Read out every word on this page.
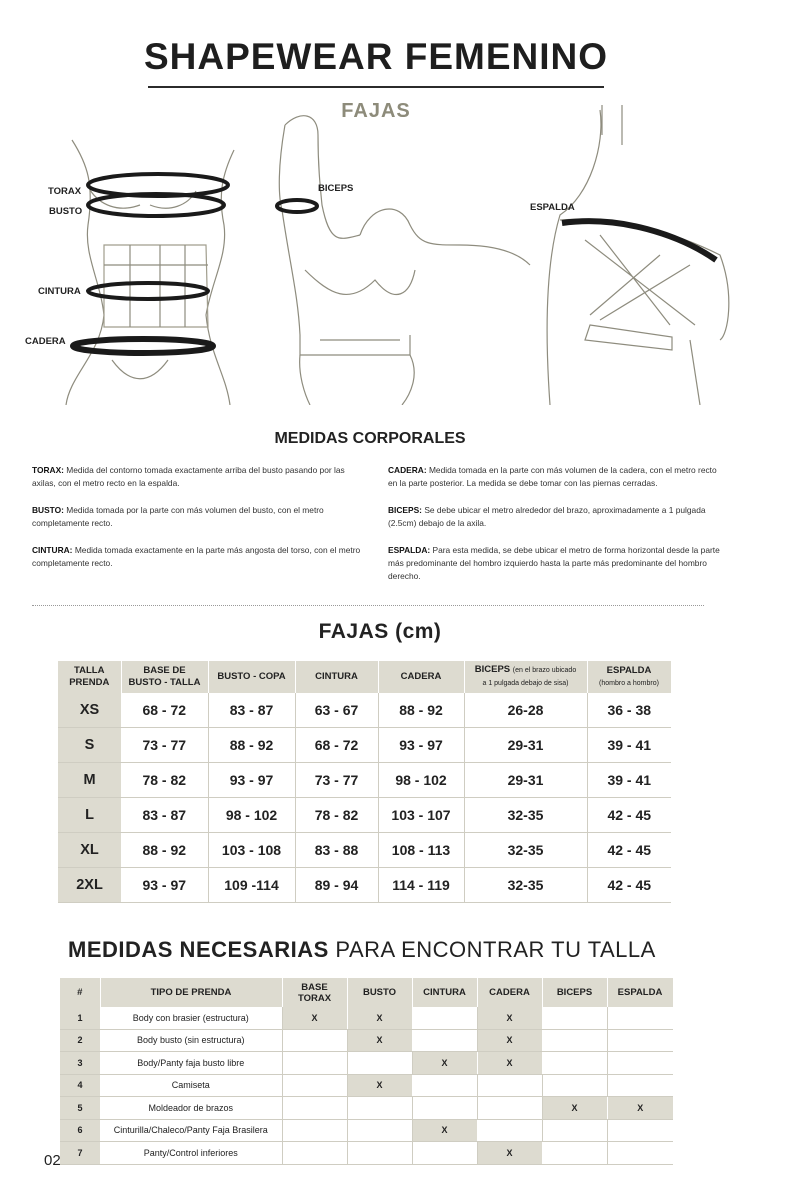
SHAPEWEAR FEMENINO
FAJAS
TORAX
BUSTO
CINTURA
CADERA
BICEPS
ESPALDA
MEDIDAS CORPORALES

TORAX: Medida del contorno tomada exactamente arriba del busto pasando por las axilas, con el metro recto en la espalda.

BUSTO: Medida tomada por la parte con más volumen del busto, con el metro completamente recto.

CINTURA: Medida tomada exactamente en la parte más angosta del torso, con el metro completamente recto.

CADERA: Medida tomada en la parte con más volumen de la cadera, con el metro recto en la parte posterior. La medida se debe tomar con las piernas cerradas.

BICEPS: Se debe ubicar el metro alrededor del brazo, aproximadamente a 1 pulgada (2.5cm) debajo de la axila.

ESPALDA: Para esta medida, se debe ubicar el metro de forma horizontal desde la parte más predominante del hombro izquierdo hasta la parte más predominante del hombro derecho.

FAJAS (cm)
TALLA
PRENDA	BASE DE
BUSTO - TALLA	BUSTO - COPA	CINTURA	CADERA	BICEPS (en el brazo ubicado
a 1 pulgada debajo de sisa)	ESPALDA
(hombro a hombro)
XS	68 - 72	83 - 87	63 - 67	88 - 92	26-28	36 - 38
S	73 - 77	88 - 92	68 - 72	93 - 97	29-31	39 - 41
M	78 - 82	93 - 97	73 - 77	98 - 102	29-31	39 - 41
L	83 - 87	98 - 102	78 - 82	103 - 107	32-35	42 - 45
XL	88 - 92	103 - 108	83 - 88	108 - 113	32-35	42 - 45
2XL	93 - 97	109 -114	89 - 94	114 - 119	32-35	42 - 45
MEDIDAS NECESARIAS PARA ENCONTRAR TU TALLA
#	TIPO DE PRENDA	BASE
TORAX	BUSTO	CINTURA	CADERA	BICEPS	ESPALDA
1	Body con brasier (estructura)	X	X		X		
2	Body busto (sin estructura)		X		X		
3	Body/Panty faja busto libre			X	X		
4	Camiseta		X				
5	Moldeador de brazos					X	X
6	Cinturilla/Chaleco/Panty Faja Brasilera			X			
7	Panty/Control inferiores				X		
02
